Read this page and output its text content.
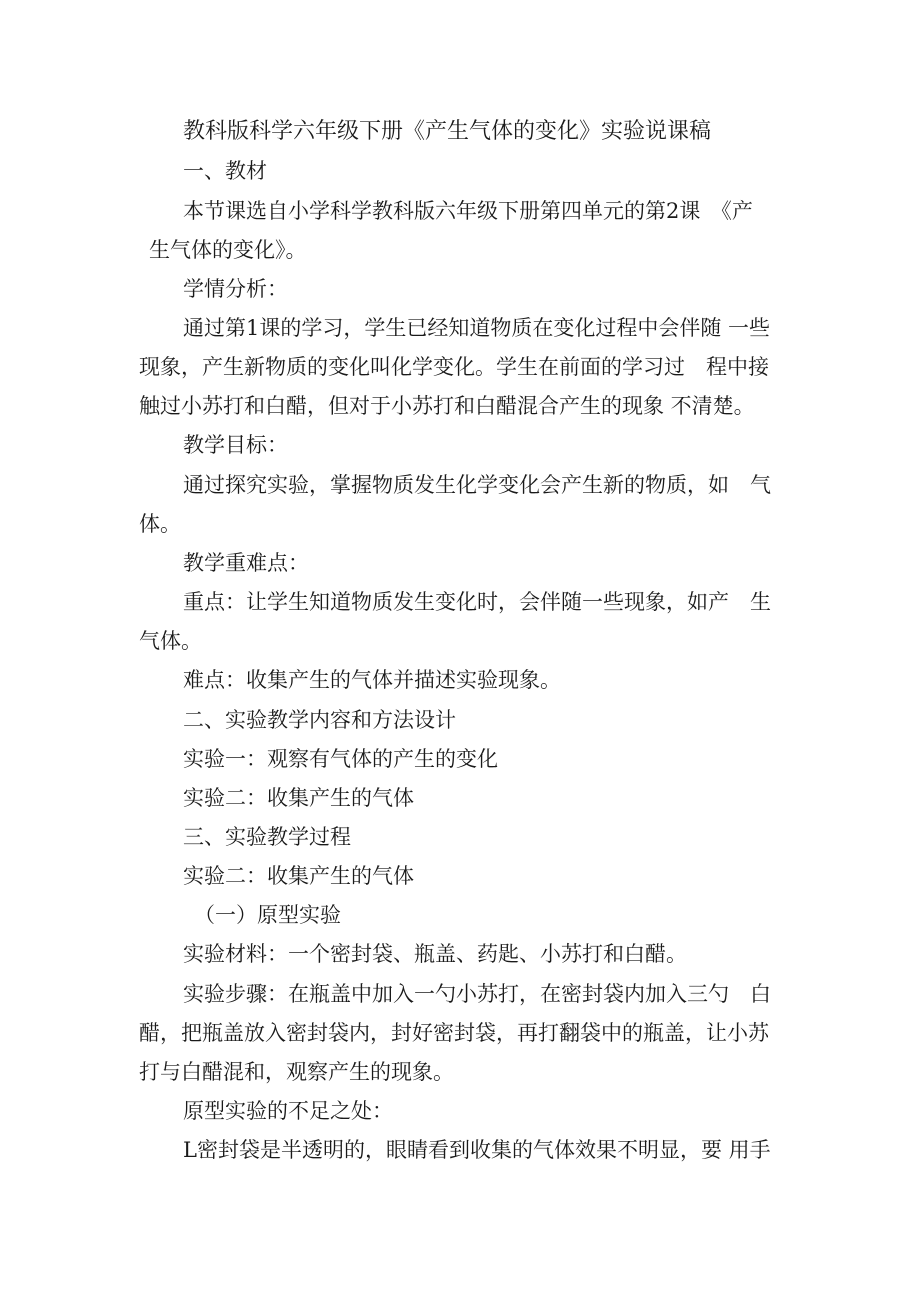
教科版科学六年级下册《产生气体的变化》实验说课稿
一、教材
本节课选自小学科学教科版六年级下册第四单元的第2课　《产
生气体的变化》。
学情分析：
通过第1课的学习，学生已经知道物质在变化过程中会伴随 一些
现象，产生新物质的变化叫化学变化。学生在前面的学习过　程中接
触过小苏打和白醋，但对于小苏打和白醋混合产生的现象 不清楚。
教学目标：
通过探究实验，掌握物质发生化学变化会产生新的物质，如　气
体。
教学重难点：
重点：让学生知道物质发生变化时，会伴随一些现象，如产　生
气体。
难点：收集产生的气体并描述实验现象。
二、实验教学内容和方法设计
实验一：观察有气体的产生的变化
实验二：收集产生的气体
三、实验教学过程
实验二：收集产生的气体
（一）原型实验
实验材料：一个密封袋、瓶盖、药匙、小苏打和白醋。
实验步骤：在瓶盖中加入一勺小苏打，在密封袋内加入三勺　白
醋，把瓶盖放入密封袋内，封好密封袋，再打翻袋中的瓶盖，让小苏
打与白醋混和，观察产生的现象。
原型实验的不足之处：
L密封袋是半透明的，眼睛看到收集的气体效果不明显，要 用手
